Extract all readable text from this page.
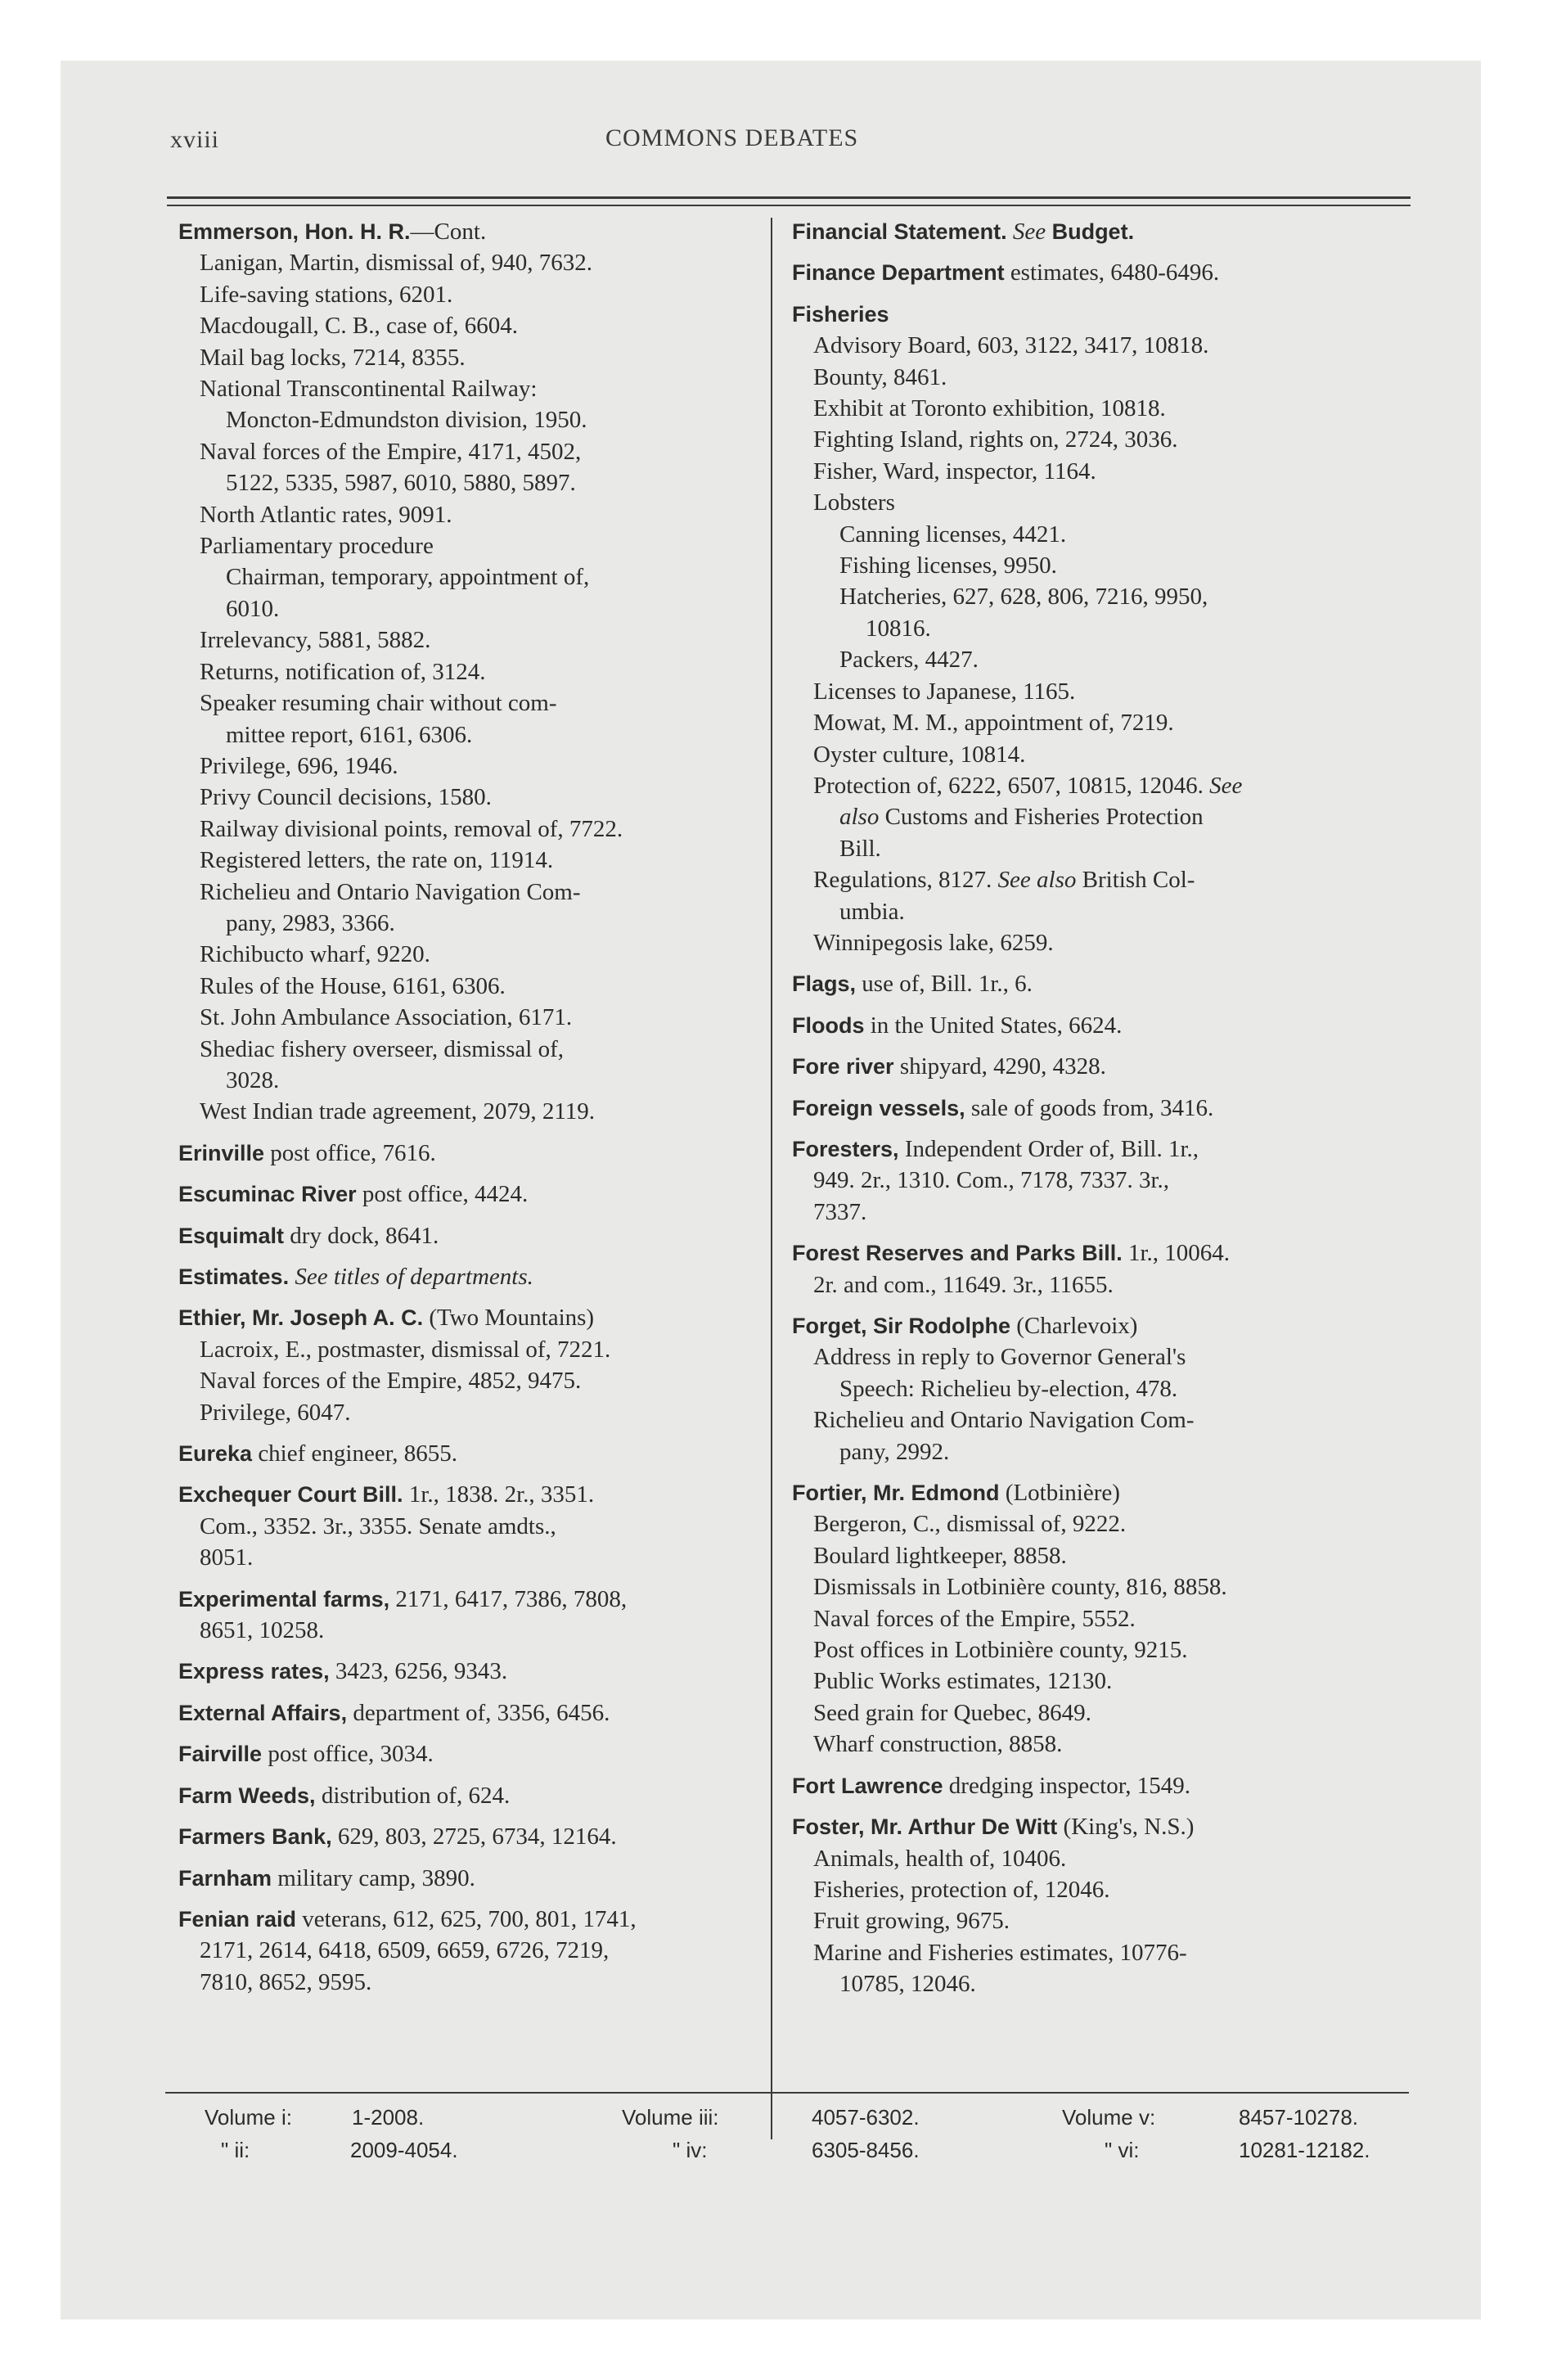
xviii	COMMONS DEBATES

Emmerson, Hon. H. R.—Cont.

Lanigan, Martin, dismissal of, 940, 7632.

Life-saving stations, 6201.

Macdougall, C. B., case of, 6604.

Mail bag locks, 7214, 8355.

National Transcontinental Railway:

Moncton-Edmundston division, 1950.

Naval forces of the Empire, 4171, 4502,

5122, 5335, 5987, 6010, 5880, 5897.

North Atlantic rates, 9091.

Parliamentary procedure

Chairman, temporary, appointment of,

6010.

Irrelevancy, 5881, 5882.

Returns, notification of, 3124.

Speaker resuming chair without com-

mittee report, 6161, 6306.

Privilege, 696, 1946.

Privy Council decisions, 1580.

Railway divisional points, removal of, 7722.

Registered letters, the rate on, 11914.

Richelieu and Ontario Navigation Com-

pany, 2983, 3366.

Richibucto wharf, 9220.

Rules of the House, 6161, 6306.

St. John Ambulance Association, 6171.

Shediac fishery overseer, dismissal of,

3028.

West Indian trade agreement, 2079, 2119.

Erinville post office, 7616.

Escuminac River post office, 4424.

Esquimalt dry dock, 8641.

Estimates. See titles of departments.

Ethier, Mr. Joseph A. C. (Two Mountains)

Lacroix, E., postmaster, dismissal of, 7221.

Naval forces of the Empire, 4852, 9475.

Privilege, 6047.

Eureka chief engineer, 8655.

Exchequer Court Bill. 1r., 1838. 2r., 3351.

Com., 3352. 3r., 3355. Senate amdts.,

8051.

Experimental farms, 2171, 6417, 7386, 7808,

8651, 10258.

Express rates, 3423, 6256, 9343.

External Affairs, department of, 3356, 6456.

Fairville post office, 3034.

Farm Weeds, distribution of, 624.

Farmers Bank, 629, 803, 2725, 6734, 12164.

Farnham military camp, 3890.

Fenian raid veterans, 612, 625, 700, 801, 1741,

2171, 2614, 6418, 6509, 6659, 6726, 7219,

7810, 8652, 9595.

Financial Statement. See Budget.

Finance Department estimates, 6480-6496.

Fisheries

Advisory Board, 603, 3122, 3417, 10818.

Bounty, 8461.

Exhibit at Toronto exhibition, 10818.

Fighting Island, rights on, 2724, 3036.

Fisher, Ward, inspector, 1164.

Lobsters

Canning licenses, 4421.

Fishing licenses, 9950.

Hatcheries, 627, 628, 806, 7216, 9950,

10816.

Packers, 4427.

Licenses to Japanese, 1165.

Mowat, M. M., appointment of, 7219.

Oyster culture, 10814.

Protection of, 6222, 6507, 10815, 12046. See

also Customs and Fisheries Protection

Bill.

Regulations, 8127. See also British Col-

umbia.

Winnipegosis lake, 6259.

Flags, use of, Bill. 1r., 6.

Floods in the United States, 6624.

Fore river shipyard, 4290, 4328.

Foreign vessels, sale of goods from, 3416.

Foresters, Independent Order of, Bill. 1r.,

949. 2r., 1310. Com., 7178, 7337. 3r.,

7337.

Forest Reserves and Parks Bill. 1r., 10064.

2r. and com., 11649. 3r., 11655.

Forget, Sir Rodolphe (Charlevoix)

Address in reply to Governor General's

Speech: Richelieu by-election, 478.

Richelieu and Ontario Navigation Com-

pany, 2992.

Fortier, Mr. Edmond (Lotbinière)

Bergeron, C., dismissal of, 9222.

Boulard lightkeeper, 8858.

Dismissals in Lotbinière county, 816, 8858.

Naval forces of the Empire, 5552.

Post offices in Lotbinière county, 9215.

Public Works estimates, 12130.

Seed grain for Quebec, 8649.

Wharf construction, 8858.

Fort Lawrence dredging inspector, 1549.

Foster, Mr. Arthur De Witt (King's, N.S.)

Animals, health of, 10406.

Fisheries, protection of, 12046.

Fruit growing, 9675.

Marine and Fisheries estimates, 10776-

10785, 12046.

Volume i:	1-2008.
" ii:	2009-4054.
Volume iii:	4057-6302.
" iv:	6305-8456.
Volume v:	8457-10278.
" vi:	10281-12182.
